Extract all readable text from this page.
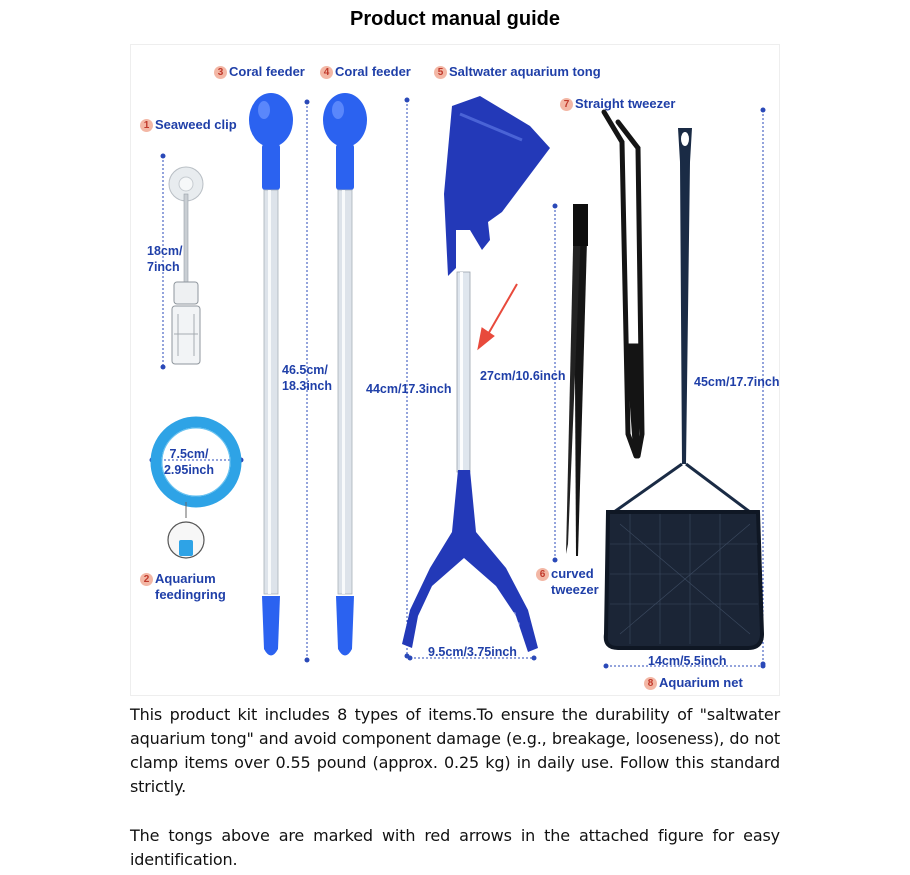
Product manual guide
1 Seaweed clip
2 Aquarium feedingring
3 Coral feeder	4 Coral feeder	5 Saltwater aquarium tong
6 curved tweezer
7 Straight tweezer
8 Aquarium net
18cm/ 7inch
7.5cm/ 2.95inch
46.5cm/ 18.3inch	44cm/17.3inch
9.5cm/3.75inch
27cm/10.6inch	45cm/17.7inch
14cm/5.5inch
This product kit includes 8 types of items.To ensure the durability of "saltwater aquarium tong" and avoid component damage (e.g., breakage, looseness), do not clamp items over 0.55 pound (approx. 0.25 kg) in daily use. Follow this standard strictly.
The tongs above are marked with red arrows in the attached figure for easy identification.
